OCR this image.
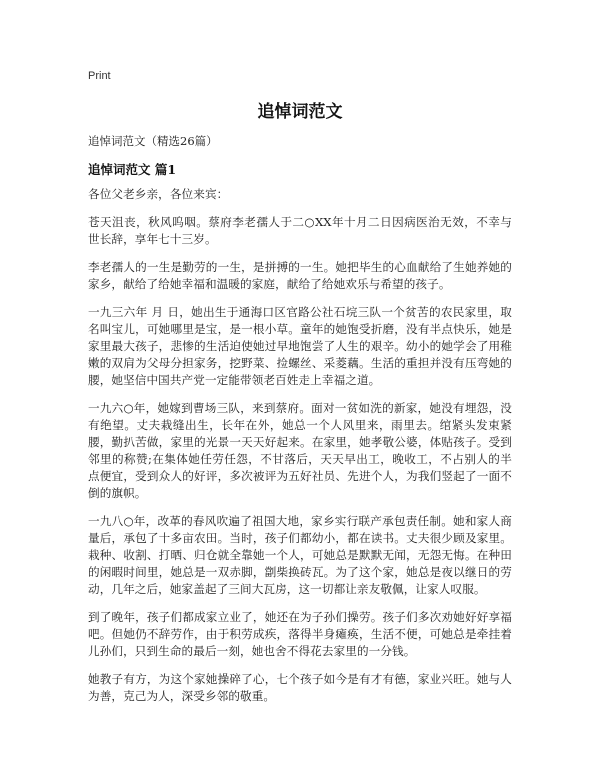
Print
追悼词范文
追悼词范文（精选26篇）
追悼词范文 篇1

各位父老乡亲，各位来宾：

苍天沮丧，秋风呜咽。蔡府李老孺人于二○XX年十月二日因病医治无效，不幸与世长辞，享年七十三岁。

李老孺人的一生是勤劳的一生，是拼搏的一生。她把毕生的心血献给了生她养她的家乡，献给了给她幸福和温暖的家庭，献给了给她欢乐与希望的孩子。

一九三六年 月 日，她出生于通海口区官路公社石垸三队一个贫苦的农民家里，取名叫宝儿，可她哪里是宝，是一根小草。童年的她饱受折磨，没有半点快乐，她是家里最大孩子，悲惨的生活迫使她过早地饱尝了人生的艰辛。幼小的她学会了用稚嫩的双肩为父母分担家务，挖野菜、捡螺丝、采菱藕。生活的重担并没有压弯她的腰，她坚信中国共产党一定能带领老百姓走上幸福之道。

一九六○年，她嫁到曹场三队，来到蔡府。面对一贫如洗的新家，她没有埋怨，没有绝望。丈夫栽缝出生，长年在外，她总一个人风里来，雨里去。绾紧头发束紧腰，勤扒苦做，家里的光景一天天好起来。在家里，她孝敬公婆，体贴孩子。受到邻里的称赞;在集体她任劳任怨，不甘落后，天天早出工，晚收工，不占别人的半点便宜，受到众人的好评，多次被评为五好社员、先进个人，为我们竖起了一面不倒的旗帜。

一九八○年，改革的春风吹遍了祖国大地，家乡实行联产承包责任制。她和家人商量后，承包了十多亩农田。当时，孩子们都幼小，都在读书。丈夫很少顾及家里。栽种、收割、打晒、归仓就全靠她一个人，可她总是默默无闻，无怨无悔。在种田的闲暇时间里，她总是一双赤脚，劏柴换砖瓦。为了这个家，她总是夜以继日的劳动，几年之后，她家盖起了三间大瓦房，这一切都让亲友敬佩，让家人叹服。

到了晚年，孩子们都成家立业了，她还在为子孙们操劳。孩子们多次劝她好好享福吧。但她仍不辞劳作，由于积劳成疾，落得半身瘫痪，生活不便，可她总是牵挂着儿孙们，只到生命的最后一刻，她也舍不得花去家里的一分钱。

她教子有方，为这个家她操碎了心，七个孩子如今是有才有德，家业兴旺。她与人为善，克己为人，深受乡邻的敬重。
